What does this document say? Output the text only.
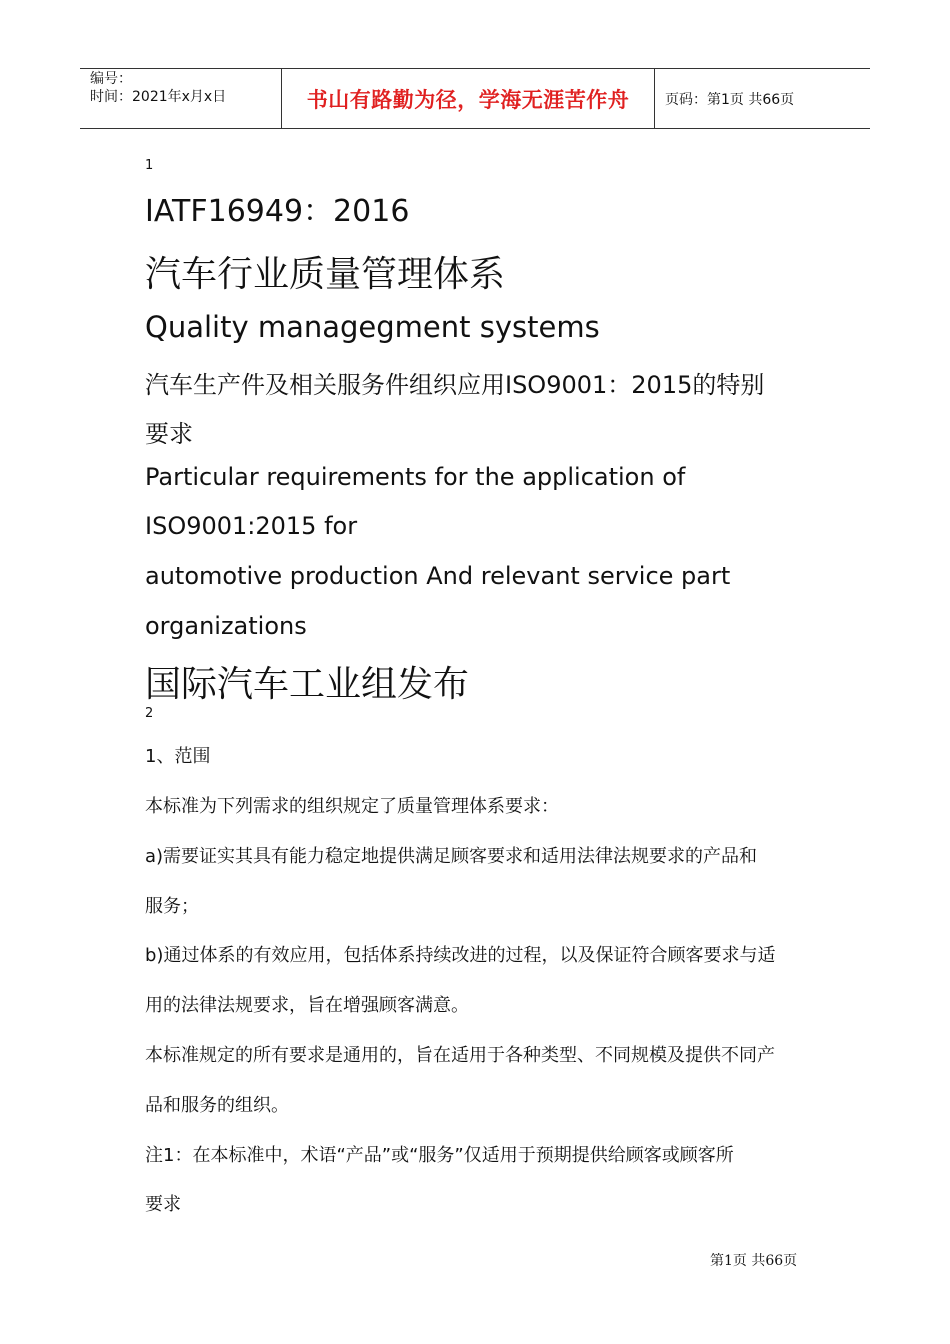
编号：
时间：2021年x月x日	书山有路勤为径，学海无涯苦作舟	页码：第1页 共66页
1
IATF16949：2016
汽车行业质量管理体系
Quality managegment systems
汽车生产件及相关服务件组织应用ISO9001：2015的特别
要求
Particular requirements for the application of
ISO9001:2015 for
automotive production And relevant service part
organizations
国际汽车工业组发布
2
1、范围
本标准为下列需求的组织规定了质量管理体系要求：
a)需要证实其具有能力稳定地提供满足顾客要求和适用法律法规要求的产品和
服务；
b)通过体系的有效应用，包括体系持续改进的过程，以及保证符合顾客要求与适
用的法律法规要求，旨在增强顾客满意。
本标准规定的所有要求是通用的，旨在适用于各种类型、不同规模及提供不同产
品和服务的组织。
注1：在本标准中，术语“产品”或“服务”仅适用于预期提供给顾客或顾客所
要求
第1页 共66页
